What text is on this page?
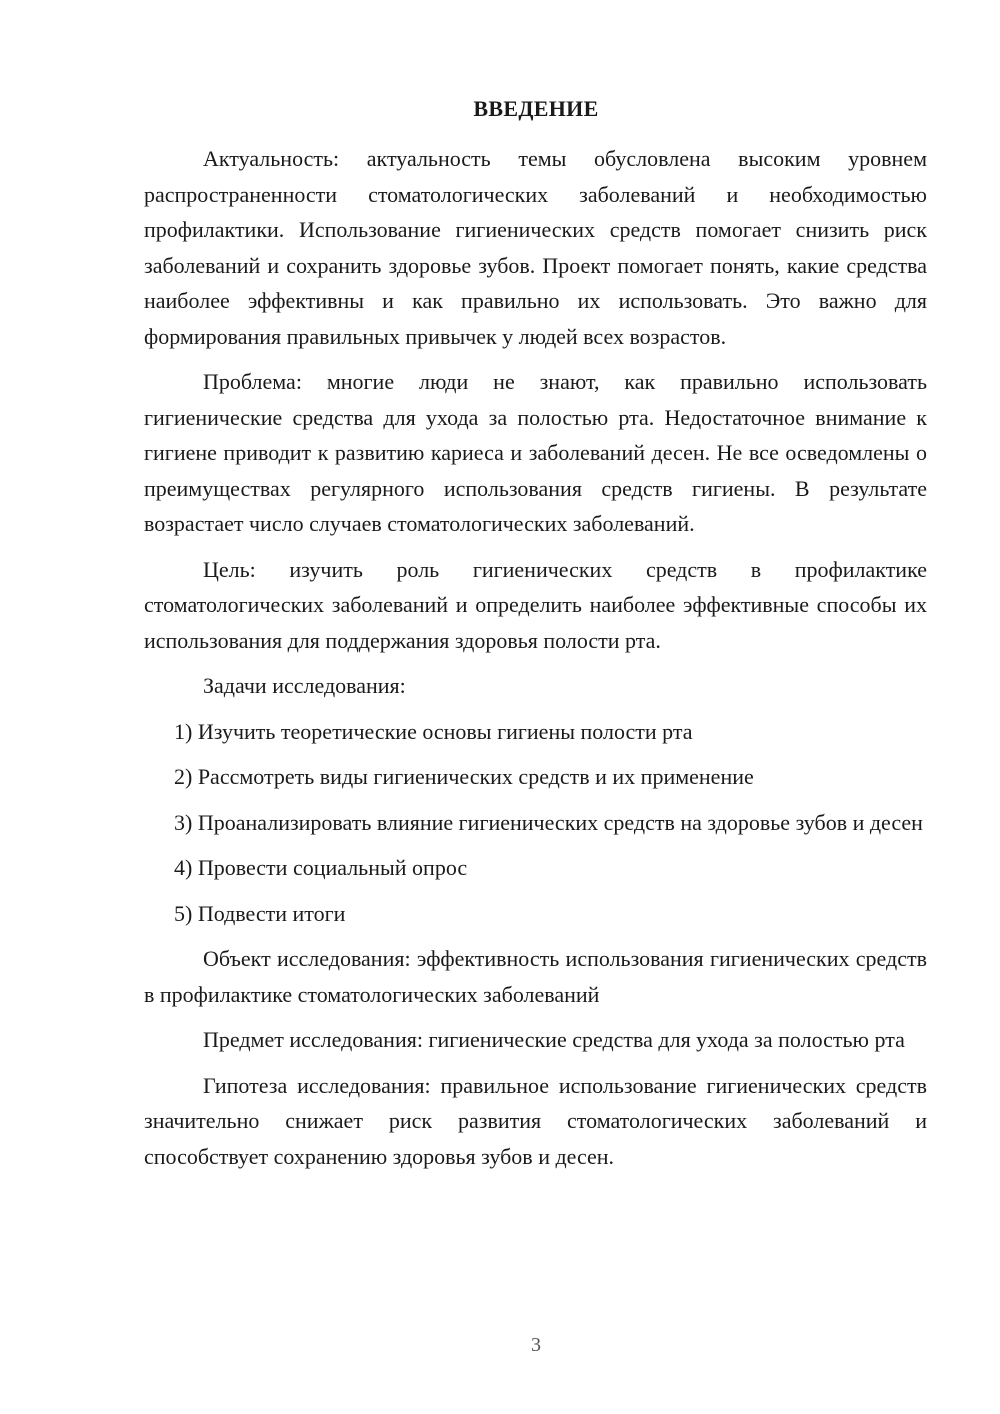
ВВЕДЕНИЕ

Актуальность: актуальность темы обусловлена высоким уровнем распространенности стоматологических заболеваний и необходимостью профилактики. Использование гигиенических средств помогает снизить риск заболеваний и сохранить здоровье зубов. Проект помогает понять, какие средства наиболее эффективны и как правильно их использовать. Это важно для формирования правильных привычек у людей всех возрастов.

Проблема: многие люди не знают, как правильно использовать гигиенические средства для ухода за полостью рта. Недостаточное внимание к гигиене приводит к развитию кариеса и заболеваний десен. Не все осведомлены о преимуществах регулярного использования средств гигиены. В результате возрастает число случаев стоматологических заболеваний.

Цель: изучить роль гигиенических средств в профилактике стоматологических заболеваний и определить наиболее эффективные способы их использования для поддержания здоровья полости рта.

Задачи исследования:

1) Изучить теоретические основы гигиены полости рта

2) Рассмотреть виды гигиенических средств и их применение

3) Проанализировать влияние гигиенических средств на здоровье зубов и десен

4) Провести социальный опрос

5) Подвести итоги

Объект исследования: эффективность использования гигиенических средств в профилактике стоматологических заболеваний

Предмет исследования: гигиенические средства для ухода за полостью рта

Гипотеза исследования: правильное использование гигиенических средств значительно снижает риск развития стоматологических заболеваний и способствует сохранению здоровья зубов и десен.

3
